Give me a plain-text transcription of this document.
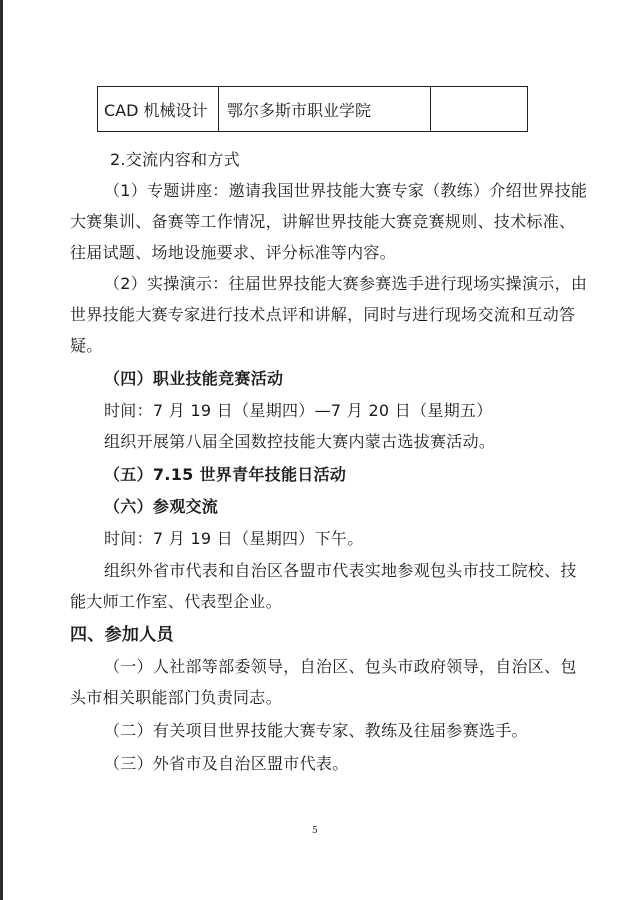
CAD 机械设计	鄂尔多斯市职业学院
2.交流内容和方式
（1）专题讲座：邀请我国世界技能大赛专家（教练）介绍世界技能
大赛集训、备赛等工作情况，讲解世界技能大赛竞赛规则、技术标准、
往届试题、场地设施要求、评分标准等内容。
（2）实操演示：往届世界技能大赛参赛选手进行现场实操演示，由
世界技能大赛专家进行技术点评和讲解，同时与进行现场交流和互动答
疑。
（四）职业技能竞赛活动
时间：7 月 19 日（星期四）—7 月 20 日（星期五）
组织开展第八届全国数控技能大赛内蒙古选拔赛活动。
（五）7.15 世界青年技能日活动
（六）参观交流
时间：7 月 19 日（星期四）下午。
组织外省市代表和自治区各盟市代表实地参观包头市技工院校、技
能大师工作室、代表型企业。
四、参加人员
（一）人社部等部委领导，自治区、包头市政府领导，自治区、包
头市相关职能部门负责同志。
（二）有关项目世界技能大赛专家、教练及往届参赛选手。
（三）外省市及自治区盟市代表。
5
